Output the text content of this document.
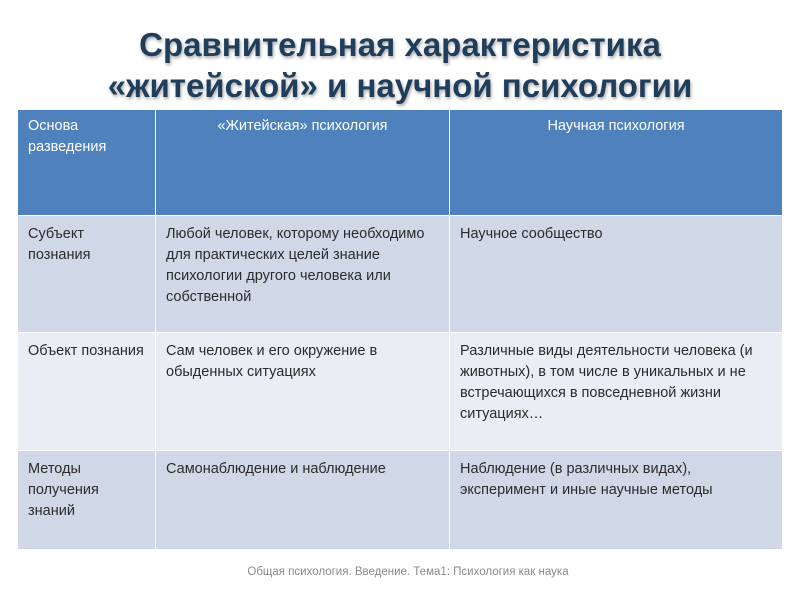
Сравнительная характеристика
«житейской» и научной психологии
Основа разведения	«Житейская» психология	Научная психология
Субъект познания	Любой человек, которому необходимо для практических целей знание психологии другого человека или собственной	Научное сообщество
Объект познания	Сам человек и его окружение в обыденных ситуациях	Различные виды деятельности человека (и животных), в том числе в уникальных и не встречающихся в повседневной жизни ситуациях…
Методы получения знаний	Самонаблюдение и наблюдение	Наблюдение (в различных видах), эксперимент и иные научные методы
Общая психология. Введение. Тема1: Психология как наука
